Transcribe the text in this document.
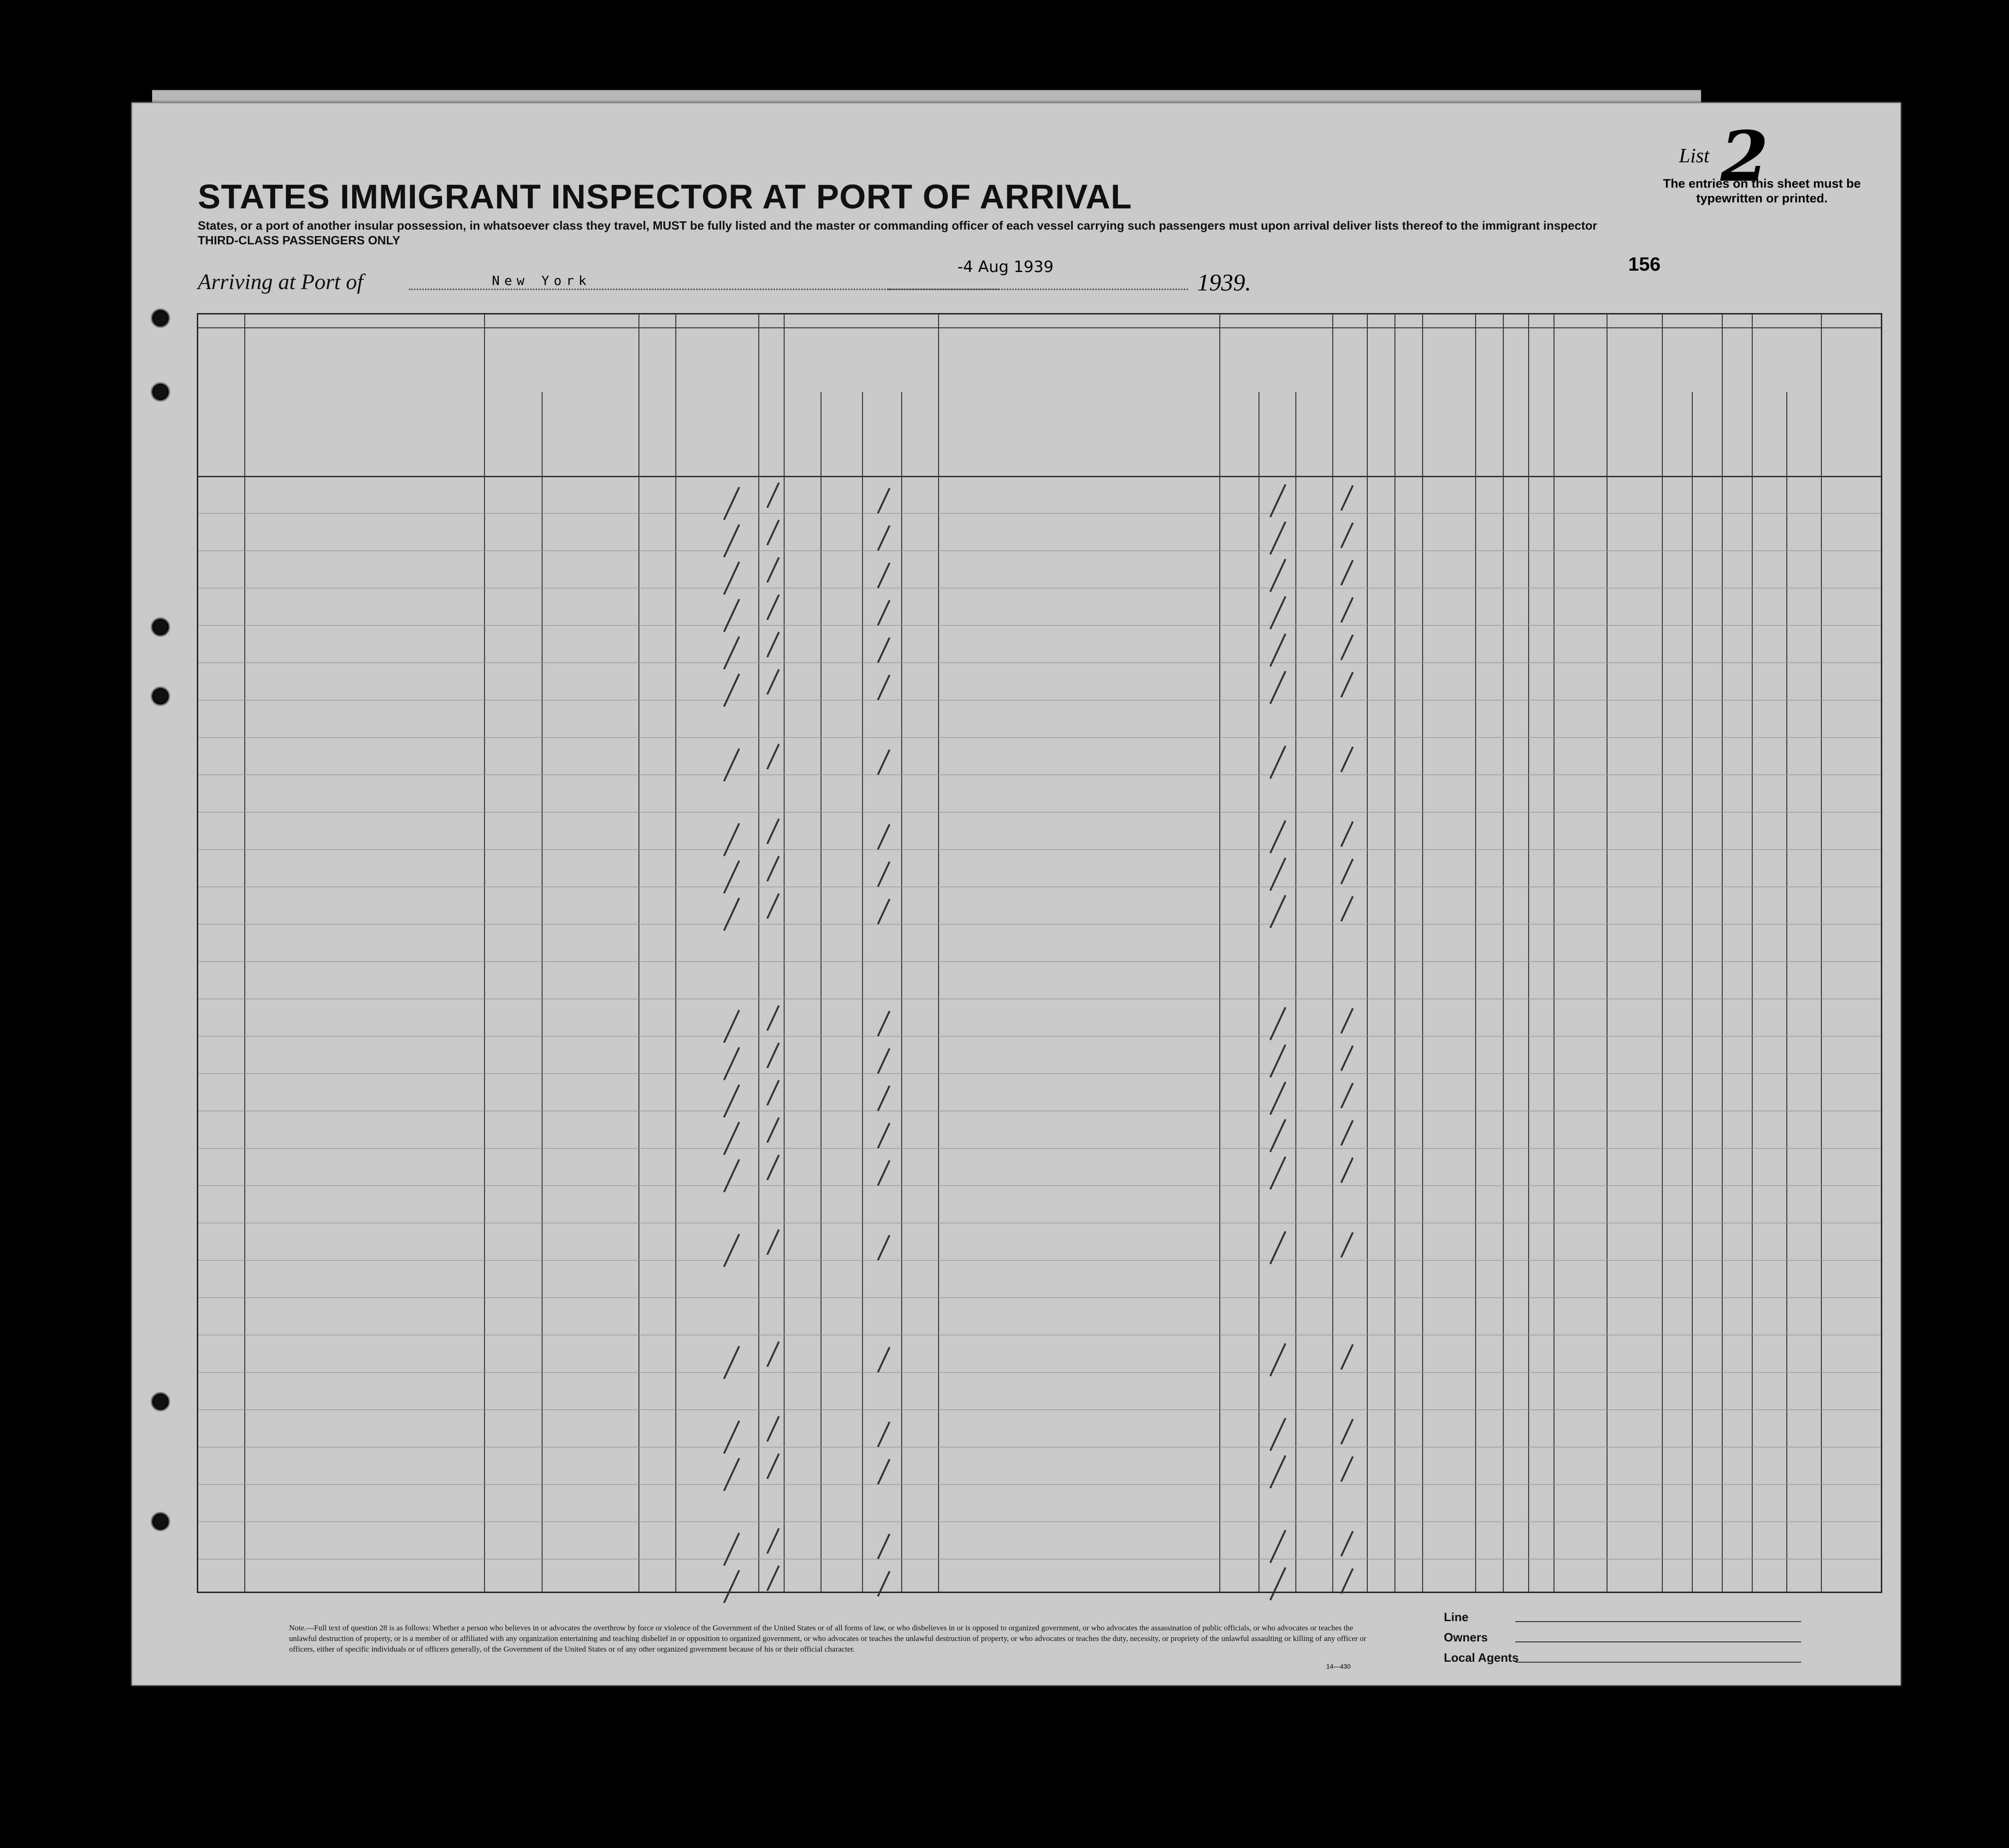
STATES IMMIGRANT INSPECTOR AT PORT OF ARRIVAL
States, or a port of another insular possession, in whatsoever class they travel, MUST be fully listed and the master or commanding officer of each vessel carrying such passengers must upon arrival deliver lists thereof to the immigrant inspector
THIRD-CLASS PASSENGERS ONLY
Arriving at Port of	New York
-4 Aug 1939
1939.
156
List 2
The entries on this sheet must be typewritten or printed.
Note.—Full text of question 28 is as follows: Whether a person who believes in or advocates the overthrow by force or violence of the Government of the United States or of all forms of law, or who disbelieves in or is opposed to organized government, or who advocates the assassination of public officials, or who advocates or teaches the unlawful destruction of property, or is a member of or affiliated with any organization entertaining and teaching disbelief in or opposition to organized government, or who advocates or teaches the unlawful destruction of property, or who advocates or teaches the duty, necessity, or propriety of the unlawful assaulting or killing of any officer or officers, either of specific individuals or of officers generally, of the Government of the United States or of any other organized government because of his or their official character.
14—430
Line
Owners
Local Agents
